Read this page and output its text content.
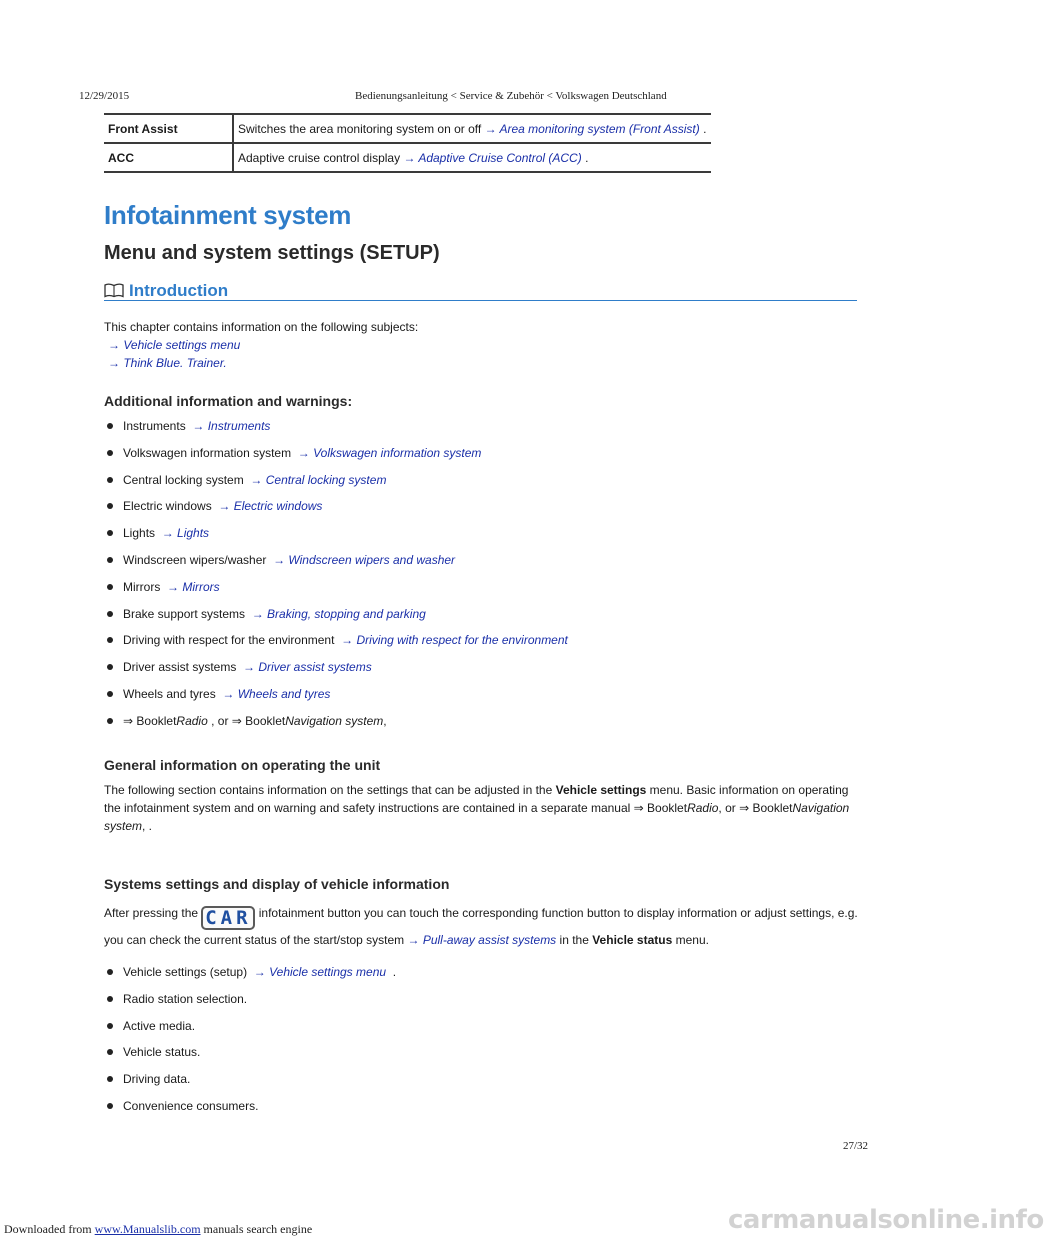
12/29/2015	Bedienungsanleitung < Service & Zubehör < Volkswagen Deutschland
Front Assist	Switches the area monitoring system on or off → Area monitoring system (Front Assist) .
ACC	Adaptive cruise control display → Adaptive Cruise Control (ACC) .
Infotainment system
Menu and system settings (SETUP)
Introduction
This chapter contains information on the following subjects:
→ Vehicle settings menu
→ Think Blue. Trainer.
Additional information and warnings:
Instruments → Instruments
Volkswagen information system → Volkswagen information system
Central locking system → Central locking system
Electric windows → Electric windows
Lights → Lights
Windscreen wipers/washer → Windscreen wipers and washer
Mirrors → Mirrors
Brake support systems → Braking, stopping and parking
Driving with respect for the environment → Driving with respect for the environment
Driver assist systems → Driver assist systems
Wheels and tyres → Wheels and tyres
⇒ BookletRadio , or ⇒ BookletNavigation system,
General information on operating the unit
The following section contains information on the settings that can be adjusted in the Vehicle settings menu. Basic information on operating the infotainment system and on warning and safety instructions are contained in a separate manual ⇒ BookletRadio, or ⇒ BookletNavigation system, .
Systems settings and display of vehicle information
After pressing the CAR infotainment button you can touch the corresponding function button to display information or adjust settings, e.g. you can check the current status of the start/stop system → Pull-away assist systems in the Vehicle status menu.
Vehicle settings (setup) → Vehicle settings menu .
Radio station selection.
Active media.
Vehicle status.
Driving data.
Convenience consumers.
27/32
Downloaded from www.Manualslib.com manuals search engine	carmanualsonline.info
